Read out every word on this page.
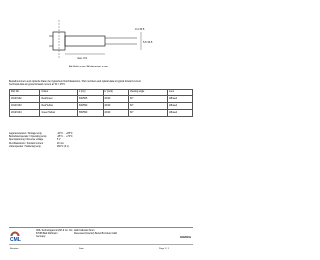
3.4 ±0.5
max. 6.9
5.5 ±0.5
Alle Maße in mm / All dimensions in mm
Bestellnummern und optische Daten bei typischem Durchlassstrom / Part numbers and optical data at typical forward current
Technical data at typical forward current at TA = 25°C
Part No.	Colour	λ (nm)	Iv (mcd)	Viewing angle	Lens
1812X102	Red/Green	630/565	20/20	60°	diffused
1812X103	Red/Yellow	630/590	20/20	60°	diffused
1812X104	Green/Yellow	565/590	20/20	60°	diffused
Lagertemperatur / Storage temp.	-40°C ... +85°C
Betriebstemperatur / Operating temp.	-25°C ... +70°C
Sperrspannung / Reverse voltage	5 V
Durchlassstrom / Forward current	20 mA
Löttemperatur / Soldering temp.	260°C (3 s)
CML
CML Technologies GmbH & Co. KG
67098 Bad Dürkheim
Germany
LED Indicator 6mm
Recessed (Interior) Bezel Bi-Colour LED
1812X10x
Revision	Date	Page 1 / 1
